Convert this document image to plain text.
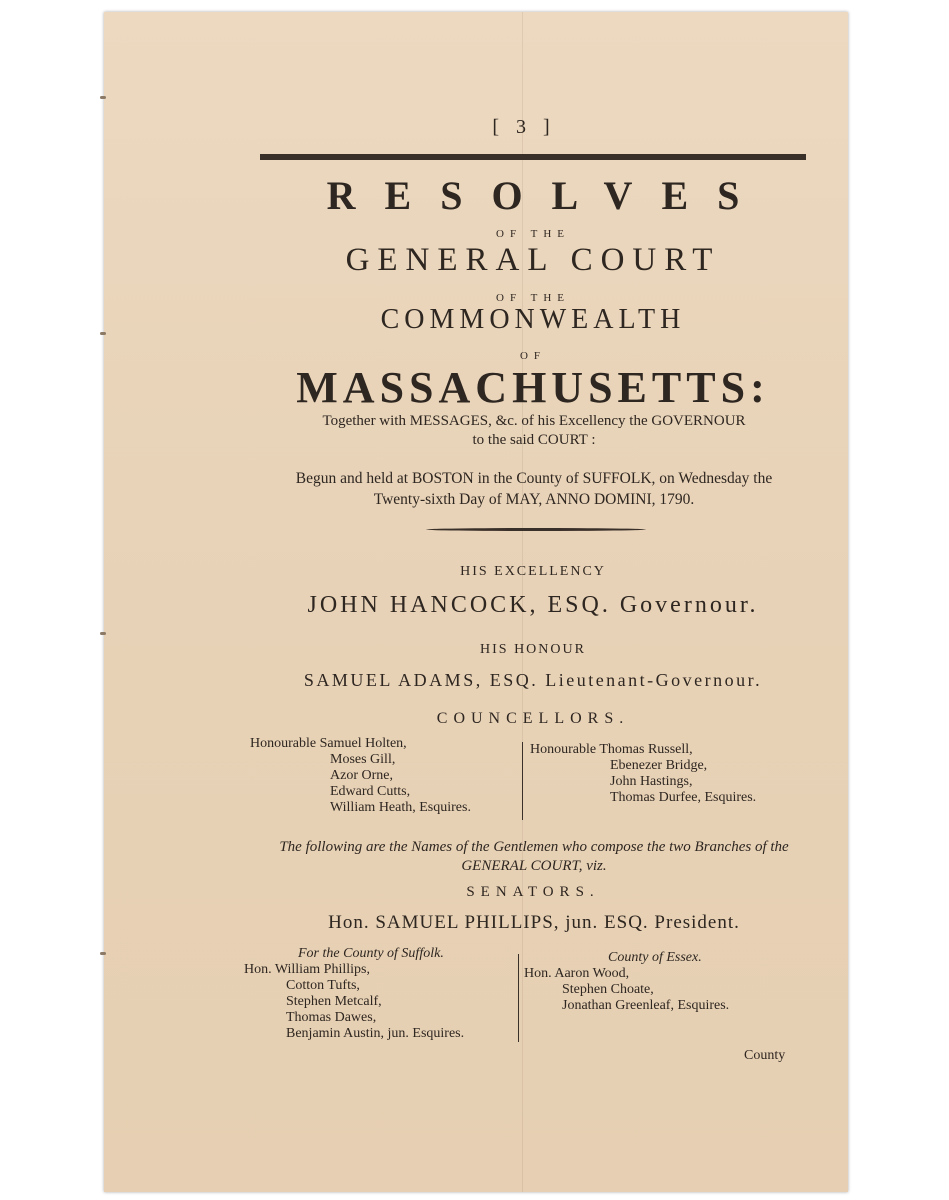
[ 3 ]
RESOLVES
OF THE
GENERAL COURT
OF THE
COMMONWEALTH
OF
MASSACHUSETTS:
Together with MESSAGES, &c. of his Excellency the GOVERNOUR
to the said COURT :
Begun and held at BOSTON in the County of SUFFOLK, on Wednesday the
Twenty-sixth Day of MAY, ANNO DOMINI, 1790.
HIS EXCELLENCY
JOHN HANCOCK, ESQ. Governour.
HIS HONOUR
SAMUEL ADAMS, ESQ. Lieutenant-Governour.
COUNCELLORS.
Honourable Samuel Holten,
Moses Gill,
Azor Orne,
Edward Cutts,
William Heath, Esquires.
Honourable Thomas Russell,
Ebenezer Bridge,
John Hastings,
Thomas Durfee, Esquires.
The following are the Names of the Gentlemen who compose the two Branches of the
GENERAL COURT, viz.
SENATORS.
Hon. SAMUEL PHILLIPS, jun. ESQ. President.
For the County of Suffolk.
Hon. William Phillips,
Cotton Tufts,
Stephen Metcalf,
Thomas Dawes,
Benjamin Austin, jun. Esquires.
County of Essex.
Hon. Aaron Wood,
Stephen Choate,
Jonathan Greenleaf, Esquires.
County
